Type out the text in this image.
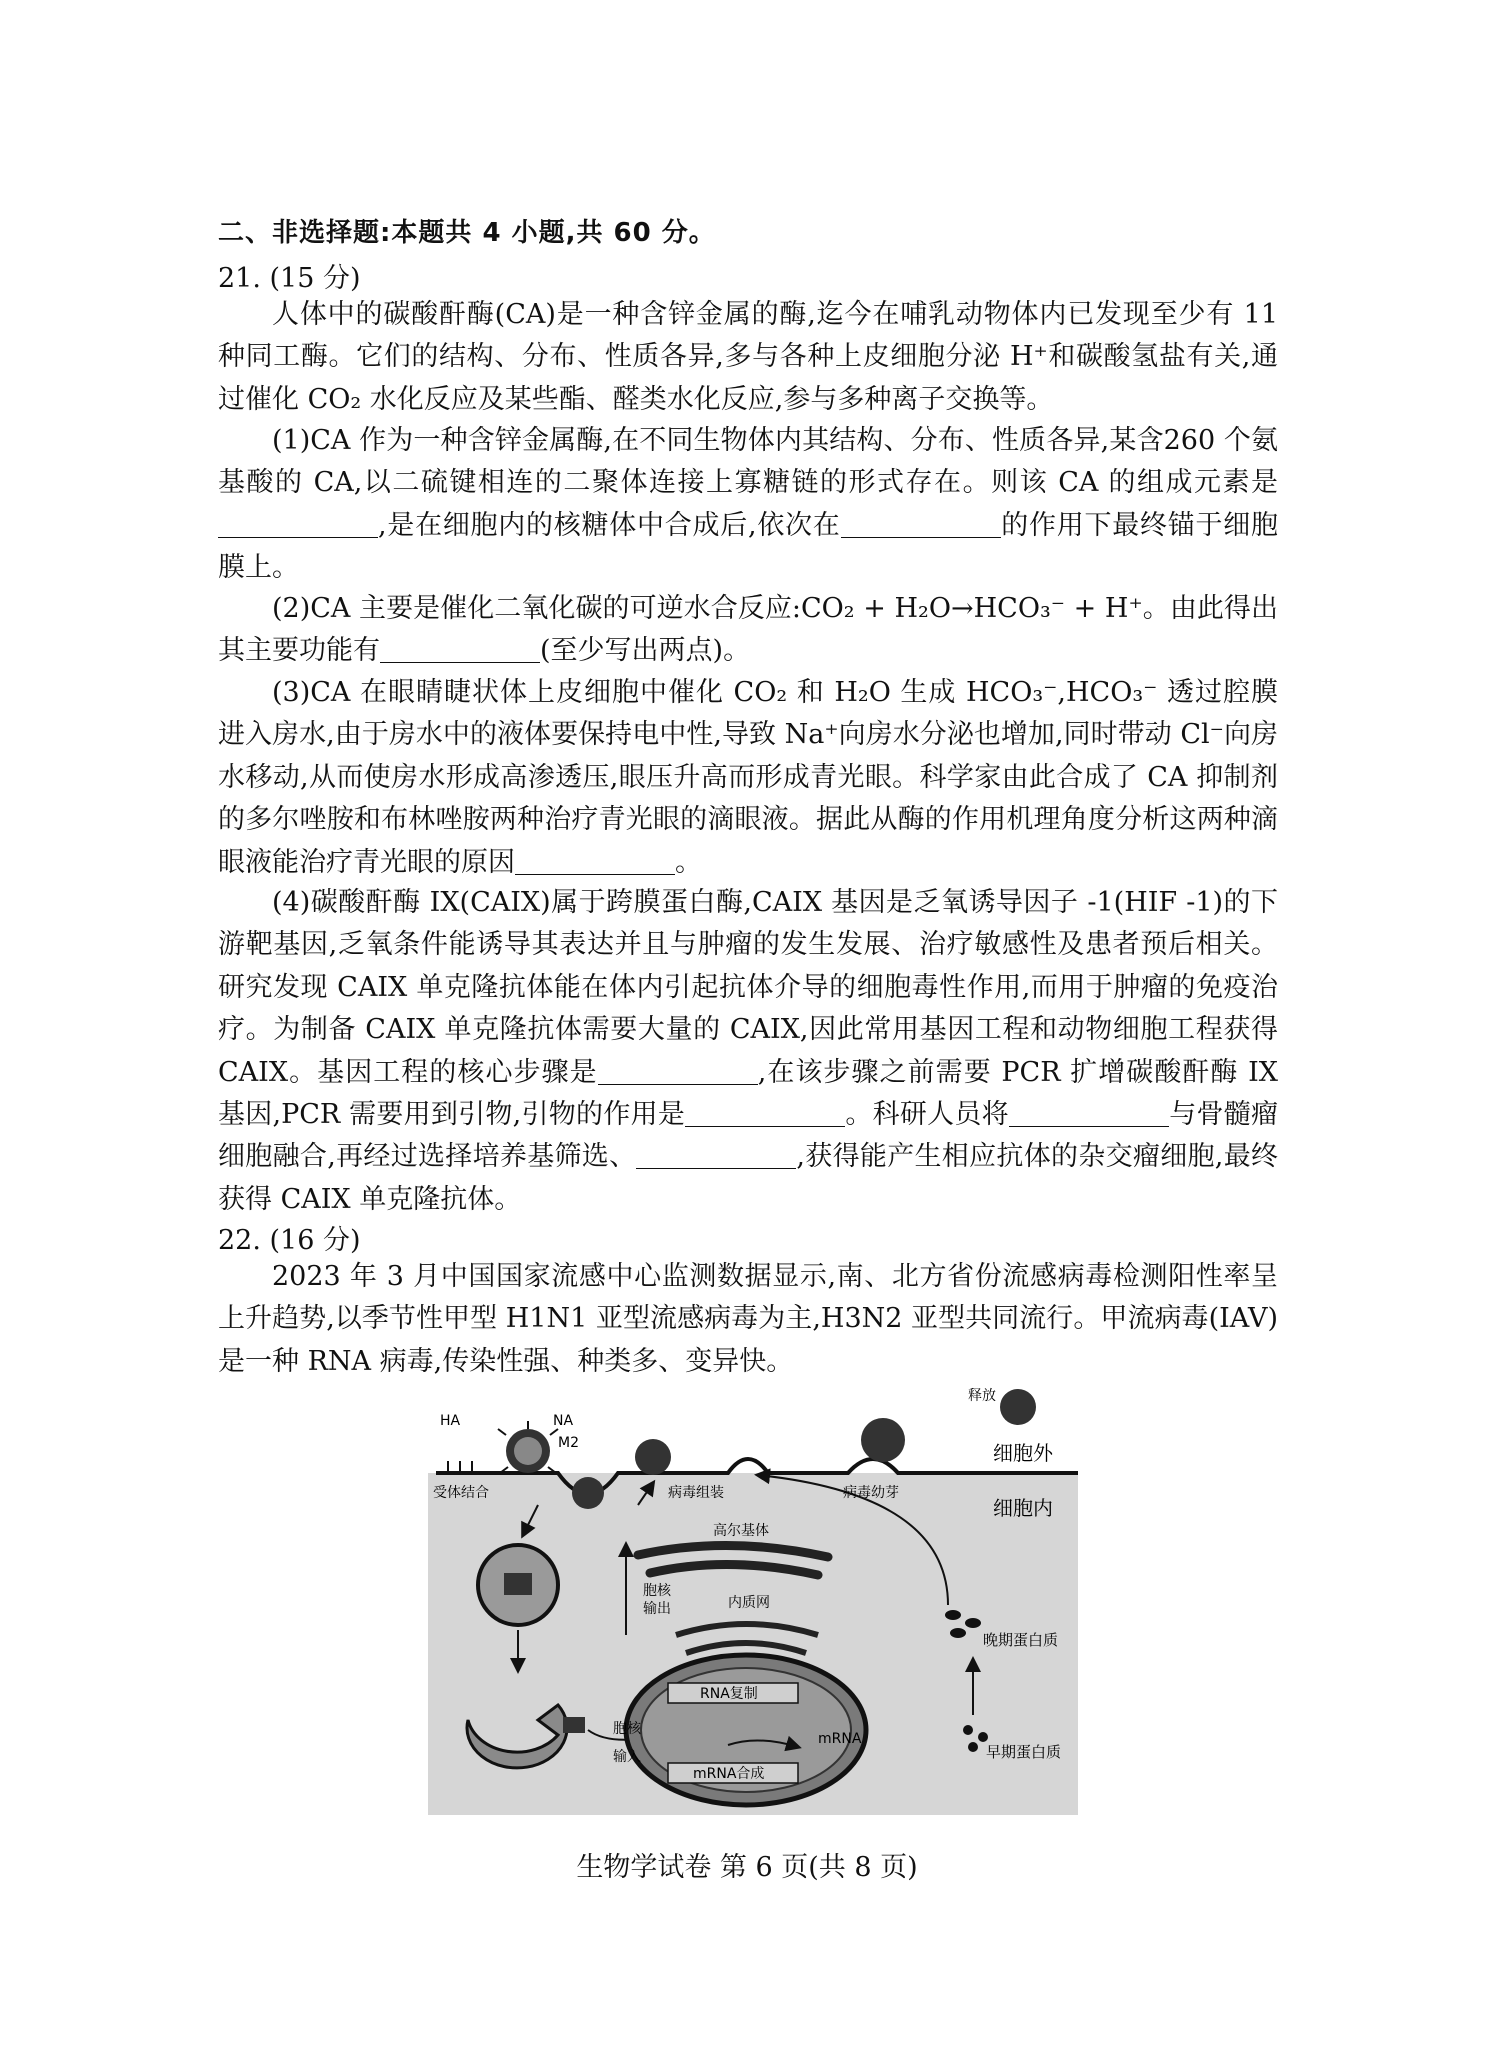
二、非选择题:本题共 4 小题,共 60 分。
21. (15 分)

人体中的碳酸酐酶(CA)是一种含锌金属的酶,迄今在哺乳动物体内已发现至少有 11 种同工酶。它们的结构、分布、性质各异,多与各种上皮细胞分泌 H⁺和碳酸氢盐有关,通过催化 CO₂ 水化反应及某些酯、醛类水化反应,参与多种离子交换等。

(1)CA 作为一种含锌金属酶,在不同生物体内其结构、分布、性质各异,某含260 个氨基酸的 CA,以二硫键相连的二聚体连接上寡糖链的形式存在。则该 CA 的组成元素是,是在细胞内的核糖体中合成后,依次在	的作用下最终锚于细胞膜上。

(2)CA 主要是催化二氧化碳的可逆水合反应:CO₂ + H₂O→HCO₃⁻ + H⁺。由此得出其主要功能有	(至少写出两点)。

(3)CA 在眼睛睫状体上皮细胞中催化 CO₂ 和 H₂O 生成 HCO₃⁻,HCO₃⁻ 透过腔膜进入房水,由于房水中的液体要保持电中性,导致 Na⁺向房水分泌也增加,同时带动 Cl⁻向房水移动,从而使房水形成高渗透压,眼压升高而形成青光眼。科学家由此合成了 CA 抑制剂的多尔唑胺和布林唑胺两种治疗青光眼的滴眼液。据此从酶的作用机理角度分析这两种滴眼液能治疗青光眼的原因	。

(4)碳酸酐酶 IX(CAIX)属于跨膜蛋白酶,CAIX 基因是乏氧诱导因子 -1(HIF -1)的下游靶基因,乏氧条件能诱导其表达并且与肿瘤的发生发展、治疗敏感性及患者预后相关。研究发现 CAIX 单克隆抗体能在体内引起抗体介导的细胞毒性作用,而用于肿瘤的免疫治疗。为制备 CAIX 单克隆抗体需要大量的 CAIX,因此常用基因工程和动物细胞工程获得 CAIX。基因工程的核心步骤是	,在该步骤之前需要 PCR 扩增碳酸酐酶 IX 基因,PCR 需要用到引物,引物的作用是	。科研人员将	与骨髓瘤细胞融合,再经过选择培养基筛选、	,获得能产生相应抗体的杂交瘤细胞,最终获得 CAIX 单克隆抗体。

22. (16 分)

2023 年 3 月中国国家流感中心监测数据显示,南、北方省份流感病毒检测阳性率呈上升趋势,以季节性甲型 H1N1 亚型流感病毒为主,H3N2 亚型共同流行。甲流病毒(IAV)是一种 RNA 病毒,传染性强、种类多、变异快。

HA	NA
M2
受体结合	病毒组装	病毒幼芽
释放
细胞外
细胞内
高尔基体
内质网
胞核
输出
胞核
输入
RNA复制
mRNA合成
mRNA
晚期蛋白质
早期蛋白质
生物学试卷 第 6 页(共 8 页)
